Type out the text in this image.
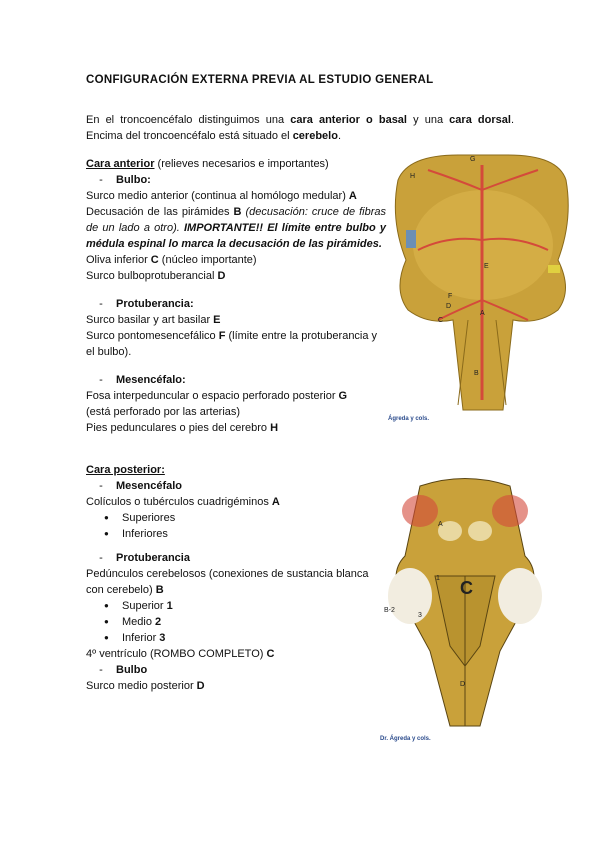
CONFIGURACIÓN EXTERNA PREVIA AL ESTUDIO GENERAL
En el troncoencéfalo distinguimos una cara anterior o basal y una cara dorsal. Encima del troncoencéfalo está situado el cerebelo.
Cara anterior (relieves necesarios e importantes)
- Bulbo:
Surco medio anterior (continua al homólogo medular) A
Decusación de las pirámides B (decusación: cruce de fibras de un lado a otro). IMPORTANTE!! El límite entre bulbo y médula espinal lo marca la decusación de las pirámides.
Oliva inferior C (núcleo importante)
Surco bulboprotuberancial D
- Protuberancia:
Surco basilar y art basilar E
Surco pontomesencefálico F (límite entre la protuberancia y el bulbo).
- Mesencéfalo:
Fosa interpeduncular o espacio perforado posterior G
(está perforado por las arterias)
Pies pedunculares o pies del cerebro H
Cara posterior:
- Mesencéfalo
Colículos o tubérculos cuadrigéminos A
● Superiores
● Inferiores
- Protuberancia
Pedúnculos cerebelosos (conexiones de sustancia blanca con cerebelo) B
● Superior 1
● Medio 2
● Inferior 3
4º ventrículo (ROMBO COMPLETO) C
- Bulbo
Surco medio posterior D
G
H
F
E
D
C
A
B
Ágreda y cols.
A
1 C
B-2
3
D
Dr. Ágreda y cols.
